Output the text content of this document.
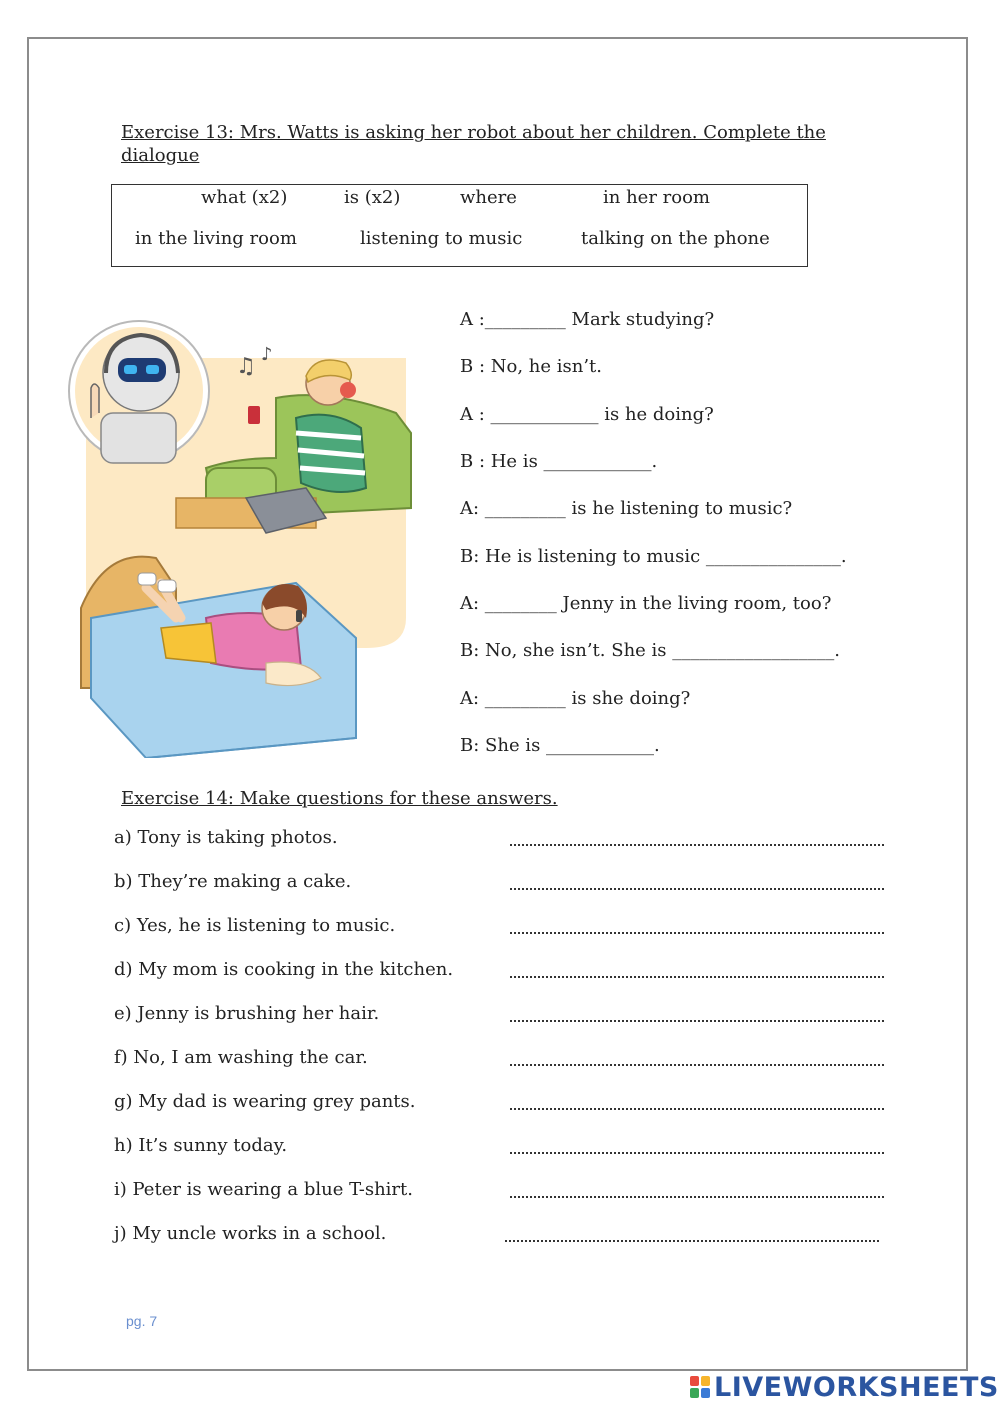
Exercise 13: Mrs. Watts is asking her robot about her children. Complete the dialogue
what (x2)	is (x2)	where	in her room
in the living room	listening to music	talking on the phone
♫ ♪
A :_________ Mark studying?
B : No, he isn’t.
A : ____________ is he doing?
B : He is ____________.
A: _________ is he listening to music?
B: He is listening to music _______________.
A: ________ Jenny in the living room, too?
B: No, she isn’t. She is __________________.
A: _________ is she doing?
B: She is ____________.
Exercise 14: Make questions for these answers.
a) Tony is taking photos.
b) They’re making a cake.
c) Yes, he is listening to music.
d) My mom is cooking in the kitchen.
e) Jenny is brushing her hair.
f) No, I am washing the car.
g) My dad is wearing grey pants.
h) It’s sunny today.
i) Peter is wearing a blue T-shirt.
j) My uncle works in a school.
pg. 7
LIVEWORKSHEETS
